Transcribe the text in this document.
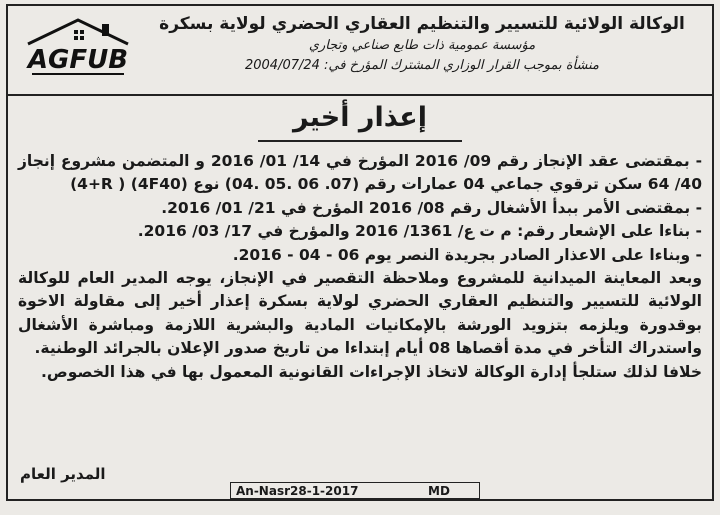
AGFUB
الوكالة الولائية للتسيير والتنظيم العقاري الحضري لولاية بسكرة
مؤسسة عمومية ذات طابع صناعي وتجاري
منشأة بموجب القرار الوزاري المشترك المؤرخ في: 2004/07/24
إعذار أخير

- بمقتضى عقد الإنجاز رقم 09/ 2016 المؤرخ في 14/ 01/ 2016 و المتضمن مشروع إنجاز 40/ 64 سكن ترقوي جماعي 04 عمارات رقم (07. 06 .05 .04) نوع (4F40) ( 4+R)

- بمقتضى الأمر ببدأ الأشغال رقم 08/ 2016 المؤرخ في 21/ 01/ 2016.

- بناءا على الإشعار رقم: م ت ع/ 1361/ 2016 والمؤرخ في 17/ 03/ 2016.

- وبناءا على الاعذار الصادر بجريدة النصر يوم 06 - 04 - 2016.

وبعد المعاينة الميدانية للمشروع وملاحظة التقصير في الإنجاز، يوجه المدير العام للوكالة الولائية للتسيير والتنظيم العقاري الحضري لولاية بسكرة إعذار أخير إلى مقاولة الاخوة بوقدورة ويلزمه بتزويد الورشة بالإمكانيات المادية والبشرية اللازمة ومباشرة الأشغال واستدراك التأخر في مدة أقصاها 08 أيام إبتداءا من تاريخ صدور الإعلان بالجرائد الوطنية.

خلافا لذلك ستلجأ إدارة الوكالة لاتخاذ الإجراءات القانونية المعمول بها في هذا الخصوص.

المدير العام
An-Nasr28-1-2017	MD
